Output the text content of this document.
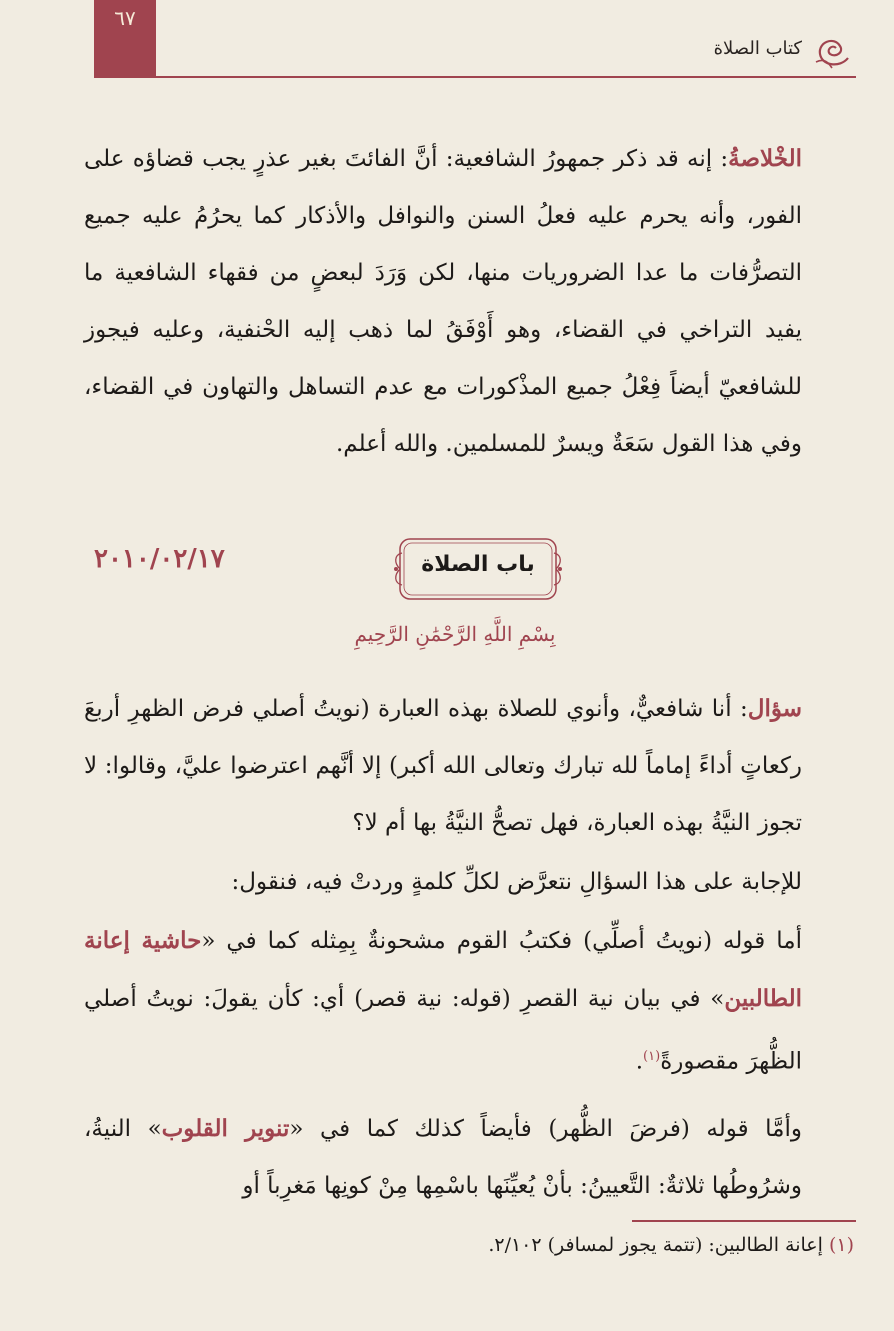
٦٧
كتاب الصلاة
الخْلاصةُ: إنه قد ذكر جمهورُ الشافعية: أنَّ الفائتَ بغير عذرٍ يجب قضاؤه على الفور، وأنه يحرم عليه فعلُ السنن والنوافل والأذكار كما يحرُمُ عليه جميع التصرُّفات ما عدا الضروريات منها، لكن وَرَدَ لبعضٍ من فقهاء الشافعية ما يفيد التراخي في القضاء، وهو أَوْفَقُ لما ذهب إليه الحْنفية، وعليه فيجوز للشافعيّ أيضاً فِعْلُ جميع المذْكورات مع عدم التساهل والتهاون في القضاء، وفي هذا القول سَعَةٌ ويسرٌ للمسلمين. والله أعلم.
٢٠١٠/٠٢/١٧	باب الصلاة
بِسْمِ اللَّهِ الرَّحْمَٰنِ الرَّحِيمِ
سؤال: أنا شافعيٌّ، وأنوي للصلاة بهذه العبارة (نويتُ أصلي فرض الظهرِ أربعَ ركعاتٍ أداءً إماماً لله تبارك وتعالى الله أكبر) إلا أنَّهم اعترضوا عليَّ، وقالوا: لا تجوز النيَّةُ بهذه العبارة، فهل تصحُّ النيَّةُ بها أم لا؟
للإجابة على هذا السؤالِ نتعرَّض لكلِّ كلمةٍ وردتْ فيه، فنقول:
أما قوله (نويتُ أصلِّي) فكتبُ القوم مشحونةٌ بِمِثله كما في «حاشية إعانة الطالبين» في بيان نية القصرِ (قوله: نية قصر) أي: كأن يقولَ: نويتُ أصلي الظُّهرَ مقصورةً$^{(١)}$.
وأمَّا قوله (فرضَ الظُّهر) فأيضاً كذلك كما في «تنوير القلوب» النيةُ، وشرُوطُها ثلاثةٌ: التَّعيينُ: بأنْ يُعيِّنَها باسْمِها مِنْ كونِها مَغرِباً أو
(١) إعانة الطالبين: (تتمة يجوز لمسافر) ٢/١٠٢.
